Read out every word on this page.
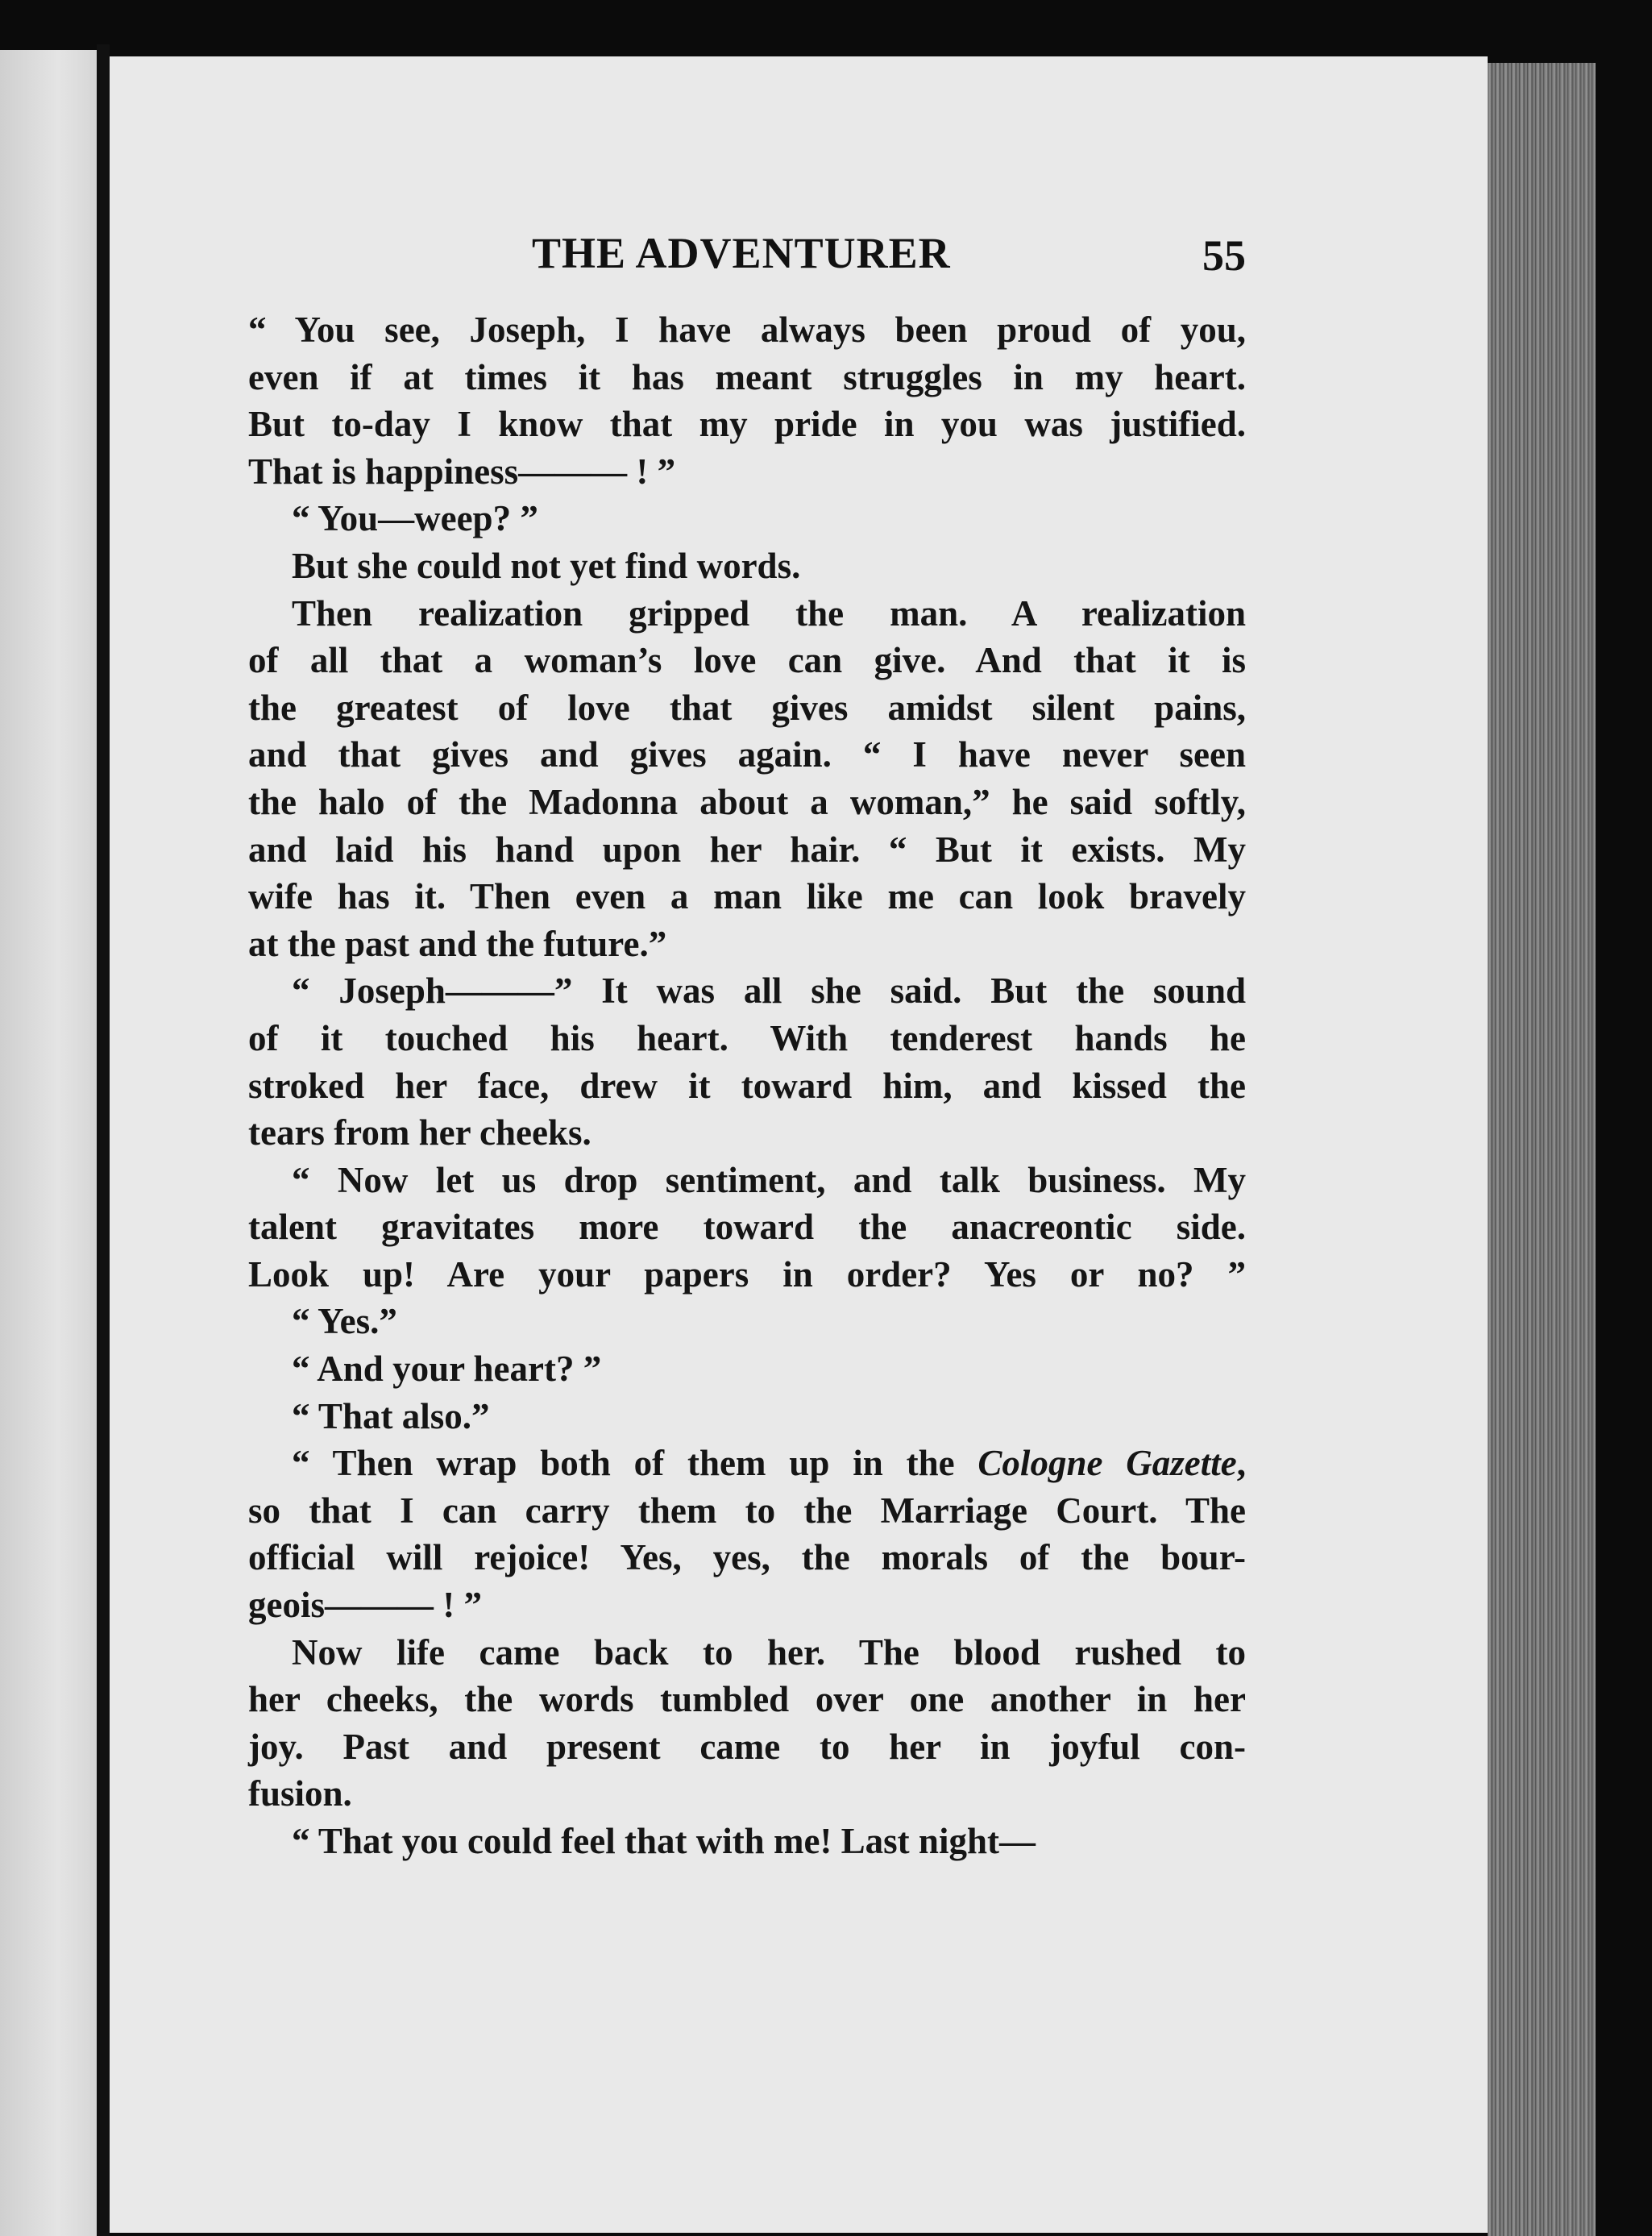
THE ADVENTURER	55
“ You see, Joseph, I have always been proud of you,
even if at times it has meant struggles in my heart.
But to-day I know that my pride in you was justified.
That is happiness——— ! ”
“ You—weep? ”
But she could not yet find words.
Then realization gripped the man. A realization
of all that a woman’s love can give. And that it is
the greatest of love that gives amidst silent pains,
and that gives and gives again. “ I have never seen
the halo of the Madonna about a woman,” he said softly,
and laid his hand upon her hair. “ But it exists. My
wife has it. Then even a man like me can look bravely
at the past and the future.”
“ Joseph———” It was all she said. But the sound
of it touched his heart. With tenderest hands he
stroked her face, drew it toward him, and kissed the
tears from her cheeks.
“ Now let us drop sentiment, and talk business. My
talent gravitates more toward the anacreontic side.
Look up! Are your papers in order? Yes or no? ”
“ Yes.”
“ And your heart? ”
“ That also.”
“ Then wrap both of them up in the Cologne Gazette,
so that I can carry them to the Marriage Court. The
official will rejoice! Yes, yes, the morals of the bour-
geois——— ! ”
Now life came back to her. The blood rushed to
her cheeks, the words tumbled over one another in her
joy. Past and present came to her in joyful con-
fusion.
“ That you could feel that with me! Last night—
